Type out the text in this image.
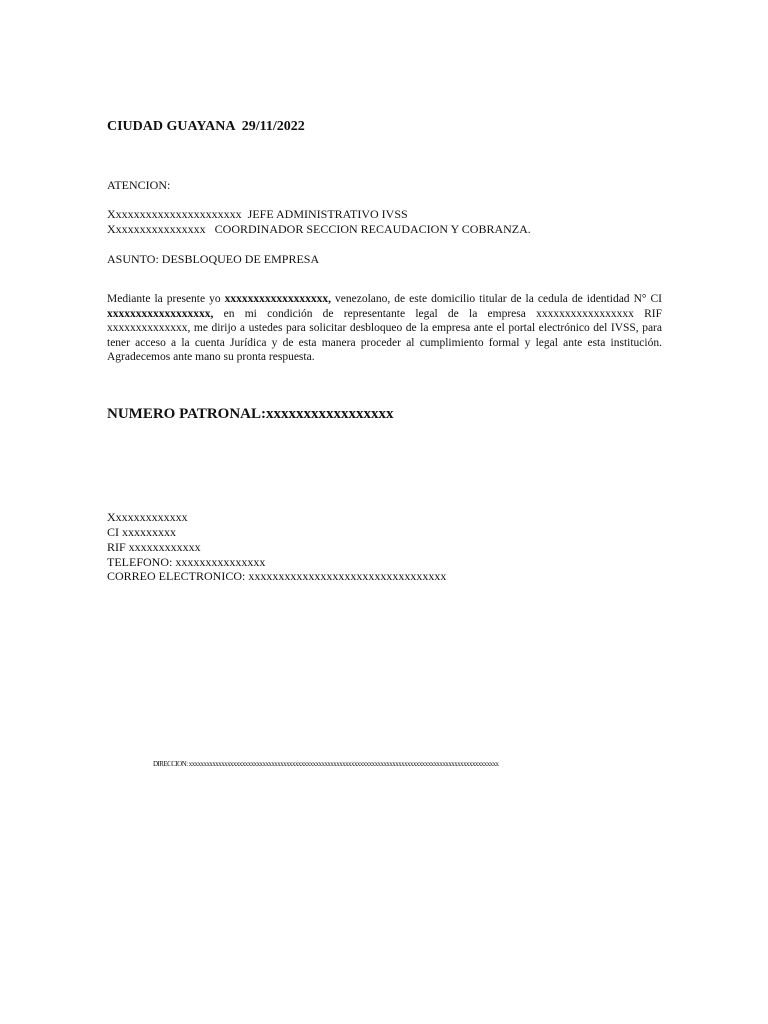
CIUDAD GUAYANA  29/11/2022
ATENCION:
Xxxxxxxxxxxxxxxxxxxxxx  JEFE ADMINISTRATIVO IVSS
Xxxxxxxxxxxxxxxx   COORDINADOR SECCION RECAUDACION Y COBRANZA.
ASUNTO: DESBLOQUEO DE EMPRESA
Mediante la presente yo xxxxxxxxxxxxxxxxxx, venezolano, de este domicilio titular de la cedula de identidad N° CI xxxxxxxxxxxxxxxxxx, en mi condición de representante legal de la empresa xxxxxxxxxxxxxxxxx RIF xxxxxxxxxxxxxx, me dirijo a ustedes para solicitar desbloqueo de la empresa ante el portal electrónico del IVSS, para tener acceso a la cuenta Jurídica y de esta manera proceder al cumplimiento formal y legal ante esta institución. Agradecemos ante mano su pronta respuesta.
NUMERO PATRONAL:xxxxxxxxxxxxxxxxx
Xxxxxxxxxxxxx
CI xxxxxxxxx
RIF xxxxxxxxxxxx
TELEFONO: xxxxxxxxxxxxxxx
CORREO ELECTRONICO: xxxxxxxxxxxxxxxxxxxxxxxxxxxxxxxxx
DIRECCION: xxxxxxxxxxxxxxxxxxxxxxxxxxxxxxxxxxxxxxxxxxxxxxxxxxxxxxxxxxxxxxxxxxxxxxxxxxxxxxxxxxxxxxxxxxxxxxxxxxxxxxxxx
